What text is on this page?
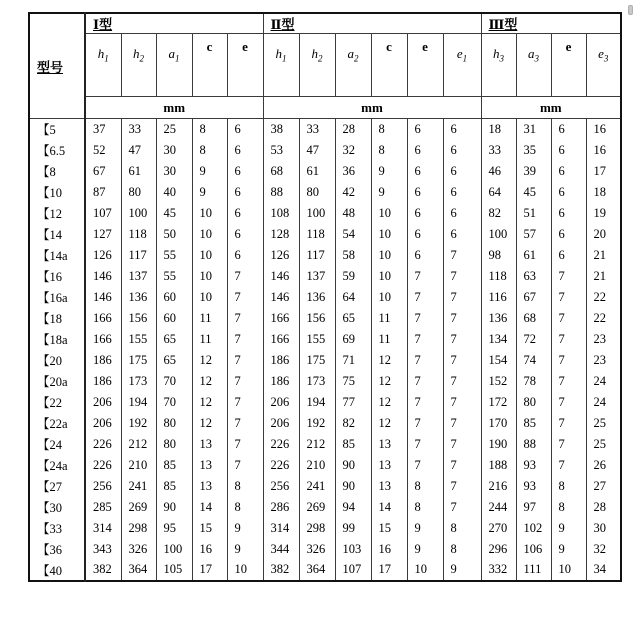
型号	Ⅰ型					Ⅱ型						Ⅲ型			
	$h_1$	$h_2$	$a_1$	c	e	$h_1$	$h_2$	$a_2$	c	e	$e_1$	$h_3$	$a_3$	e	$e_3$
	mm					mm						mm			
【5	37	33	25	8	6	38	33	28	8	6	6	18	31	6	16
【6.5	52	47	30	8	6	53	47	32	8	6	6	33	35	6	16
【8	67	61	30	9	6	68	61	36	9	6	6	46	39	6	17
【10	87	80	40	9	6	88	80	42	9	6	6	64	45	6	18
【12	107	100	45	10	6	108	100	48	10	6	6	82	51	6	19
【14	127	118	50	10	6	128	118	54	10	6	6	100	57	6	20
【14a	126	117	55	10	6	126	117	58	10	6	7	98	61	6	21
【16	146	137	55	10	7	146	137	59	10	7	7	118	63	7	21
【16a	146	136	60	10	7	146	136	64	10	7	7	116	67	7	22
【18	166	156	60	11	7	166	156	65	11	7	7	136	68	7	22
【18a	166	155	65	11	7	166	155	69	11	7	7	134	72	7	23
【20	186	175	65	12	7	186	175	71	12	7	7	154	74	7	23
【20a	186	173	70	12	7	186	173	75	12	7	7	152	78	7	24
【22	206	194	70	12	7	206	194	77	12	7	7	172	80	7	24
【22a	206	192	80	12	7	206	192	82	12	7	7	170	85	7	25
【24	226	212	80	13	7	226	212	85	13	7	7	190	88	7	25
【24a	226	210	85	13	7	226	210	90	13	7	7	188	93	7	26
【27	256	241	85	13	8	256	241	90	13	8	7	216	93	8	27
【30	285	269	90	14	8	286	269	94	14	8	7	244	97	8	28
【33	314	298	95	15	9	314	298	99	15	9	8	270	102	9	30
【36	343	326	100	16	9	344	326	103	16	9	8	296	106	9	32
【40	382	364	105	17	10	382	364	107	17	10	9	332	111	10	34
